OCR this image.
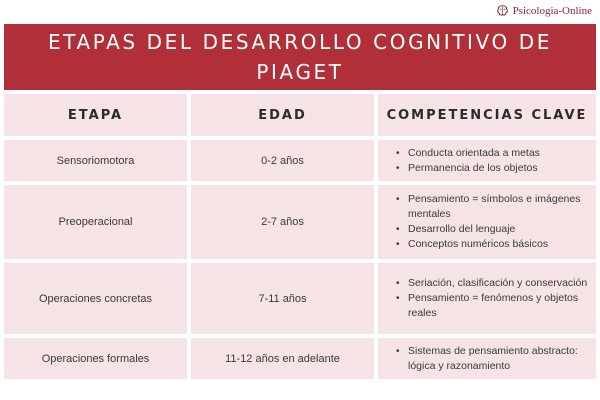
Psicologia-Online
ETAPAS DEL DESARROLLO COGNITIVO DE PIAGET
ETAPA	EDAD	COMPETENCIAS CLAVE
Sensoriomotora	0-2 años
• Conducta orientada a metas
• Permanencia de los objetos
Preoperacional	2-7 años
• Pensamiento = símbolos e imágenes mentales
• Desarrollo del lenguaje
• Conceptos numéricos básicos
Operaciones concretas	7-11 años
• Seriación, clasificación y conservación
• Pensamiento = fenómenos y objetos reales
Operaciones formales	11-12 años en adelante
• Sistemas de pensamiento abstracto: lógica y razonamiento
